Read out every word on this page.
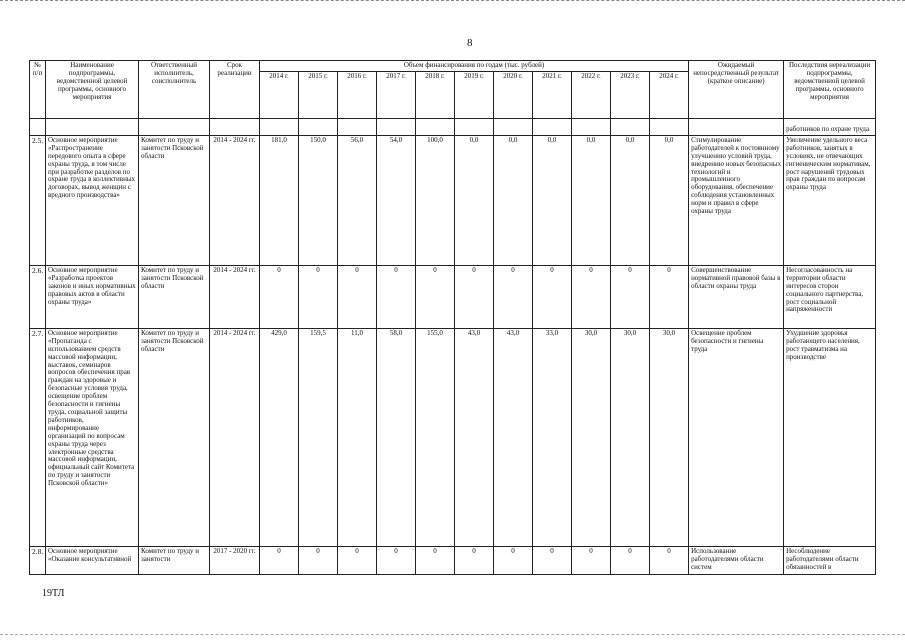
8
№ п/п	Наименование подпрограммы, ведомственной целевой программы, основного мероприятия	Ответственный исполнитель, соисполнитель	Срок реализации	Объем финансирования по годам (тыс. рублей)											Ожидаемый непосредственный результат (краткое описание)	Последствия нереализации подпрограммы, ведомственной целевой программы, основного мероприятия
				2014 г.	2015 г.	2016 г.	2017 г.	2018 г.	2019 г.	2020 г.	2021 г.	2022 г.	2023 г.	2024 г.		
																работников по охране труда
2.5.	Основное мероприятие «Распространение передового опыта в сфере охраны труда, в том числе при разработке разделов по охране труда в коллективных договорах, вывод женщин с вредного производства»	Комитет по труду и занятости Псковской области	2014 - 2024 гг.	181,0	150,0	56,0	54,0	100,0	0,0	0,0	0,0	0,0	0,0	0,0	Стимулирование работодателей к постоянному улучшению условий труда, внедрению новых безопасных технологий и промышленного оборудования, обеспечение соблюдения установленных норм и правил в сфере охраны труда	Увеличение удельного веса работников, занятых в условиях, не отвечающих гигиеническим нормативам, рост нарушений трудовых прав граждан по вопросам охраны труда
2.6.	Основное мероприятие «Разработка проектов законов и иных нормативных правовых актов в области охраны труда»	Комитет по труду и занятости Псковской области	2014 - 2024 гг.	0	0	0	0	0	0	0	0	0	0	0	Совершенствование нормативной правовой базы в области охраны труда	Несогласованность на территории области интересов сторон социального партнерства, рост социальной напряженности
2.7.	Основное мероприятие «Пропаганда с использованием средств массовой информации, выставок, семинаров вопросов обеспечения прав граждан на здоровые и безопасные условия труда, освещение проблем безопасности и гигиены труда, социальной защиты работников, информирование организаций по вопросам охраны труда через электронные средства массовой информации, официальный сайт Комитета по труду и занятости Псковской области»	Комитет по труду и занятости Псковской области	2014 - 2024 гг.	429,0	159,5	11,0	58,0	155,0	43,0	43,0	33,0	30,0	30,0	30,0	Освещение проблем безопасности и гигиены труда	Ухудшение здоровья работающего населения, рост травматизма на производстве
2.8.	Основное мероприятие «Оказание консультативной	Комитет по труду и занятости	2017 - 2020 гг.	0	0	0	0	0	0	0	0	0	0	0	Использование работодателями области систем	Несоблюдение работодателями области обязанностей в
19ТЛ
